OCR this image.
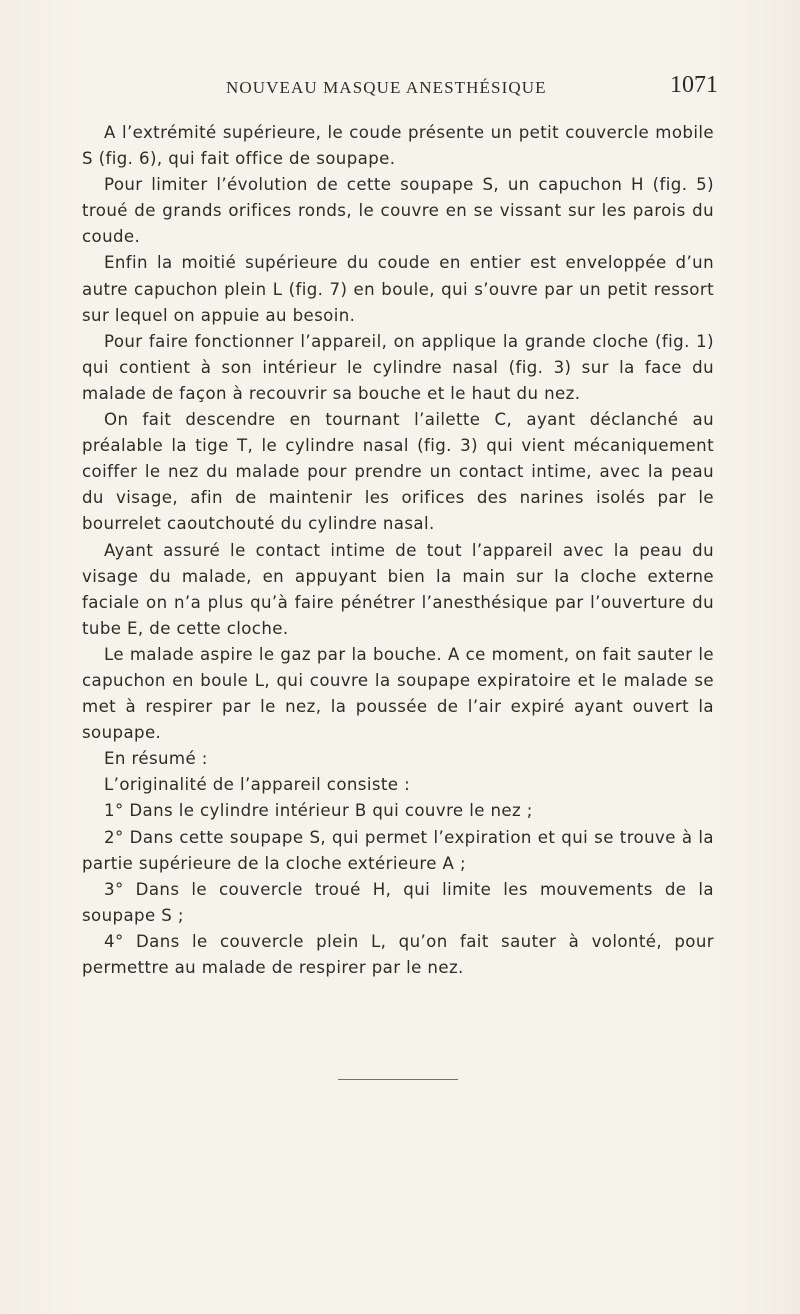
NOUVEAU MASQUE ANESTHÉSIQUE	1071

A l’extrémité supérieure, le coude présente un petit couvercle mobile S (fig. 6), qui fait office de soupape.

Pour limiter l’évolution de cette soupape S, un capuchon H (fig. 5) troué de grands orifices ronds, le couvre en se vissant sur les parois du coude.

Enfin la moitié supérieure du coude en entier est enveloppée d’un autre capuchon plein L (fig. 7) en boule, qui s’ouvre par un petit ressort sur lequel on appuie au besoin.

Pour faire fonctionner l’appareil, on applique la grande cloche (fig. 1) qui contient à son intérieur le cylindre nasal (fig. 3) sur la face du malade de façon à recouvrir sa bouche et le haut du nez.

On fait descendre en tournant l’ailette C, ayant déclanché au préalable la tige T, le cylindre nasal (fig. 3) qui vient mécaniquement coiffer le nez du malade pour prendre un contact intime, avec la peau du visage, afin de maintenir les orifices des narines isolés par le bourrelet caoutchouté du cylindre nasal.

Ayant assuré le contact intime de tout l’appareil avec la peau du visage du malade, en appuyant bien la main sur la cloche externe faciale on n’a plus qu’à faire pénétrer l’anesthésique par l’ouverture du tube E, de cette cloche.

Le malade aspire le gaz par la bouche. A ce moment, on fait sauter le capuchon en boule L, qui couvre la soupape expiratoire et le malade se met à respirer par le nez, la poussée de l’air expiré ayant ouvert la soupape.

En résumé :

L’originalité de l’appareil consiste :

1° Dans le cylindre intérieur B qui couvre le nez ;

2° Dans cette soupape S, qui permet l’expiration et qui se trouve à la partie supérieure de la cloche extérieure A ;

3° Dans le couvercle troué H, qui limite les mouvements de la soupape S ;

4° Dans le couvercle plein L, qu’on fait sauter à volonté, pour permettre au malade de respirer par le nez.
